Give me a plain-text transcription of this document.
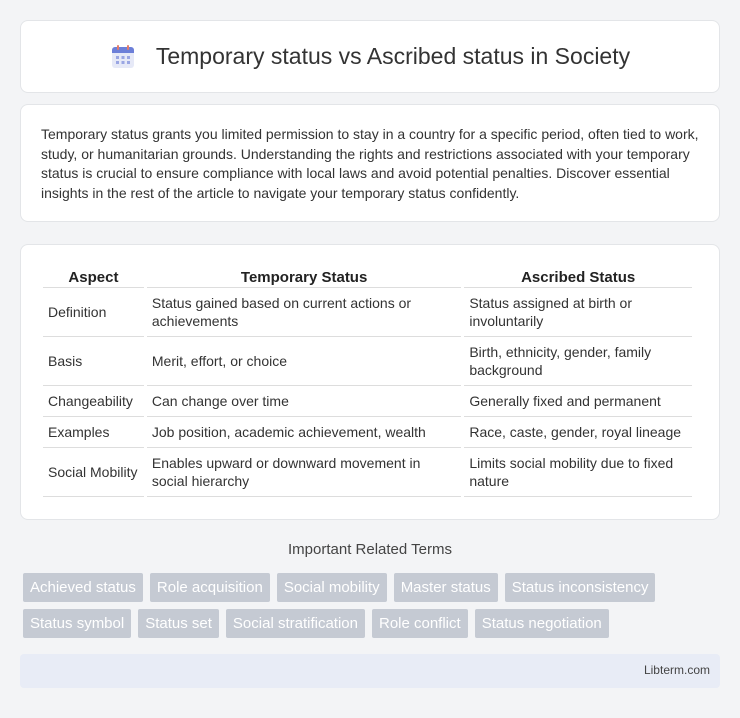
Temporary status vs Ascribed status in Society

Temporary status grants you limited permission to stay in a country for a specific period, often tied to work, study, or humanitarian grounds. Understanding the rights and restrictions associated with your temporary status is crucial to ensure compliance with local laws and avoid potential penalties. Discover essential insights in the rest of the article to navigate your temporary status confidently.

Aspect	Temporary Status	Ascribed Status
Definition	Status gained based on current actions or achievements	Status assigned at birth or involuntarily
Basis	Merit, effort, or choice	Birth, ethnicity, gender, family background
Changeability	Can change over time	Generally fixed and permanent
Examples	Job position, academic achievement, wealth	Race, caste, gender, royal lineage
Social Mobility	Enables upward or downward movement in social hierarchy	Limits social mobility due to fixed nature
Important Related Terms
Achieved status	Role acquisition	Social mobility	Master status	Status inconsistency
Status symbol	Status set	Social stratification	Role conflict	Status negotiation
Libterm.com
